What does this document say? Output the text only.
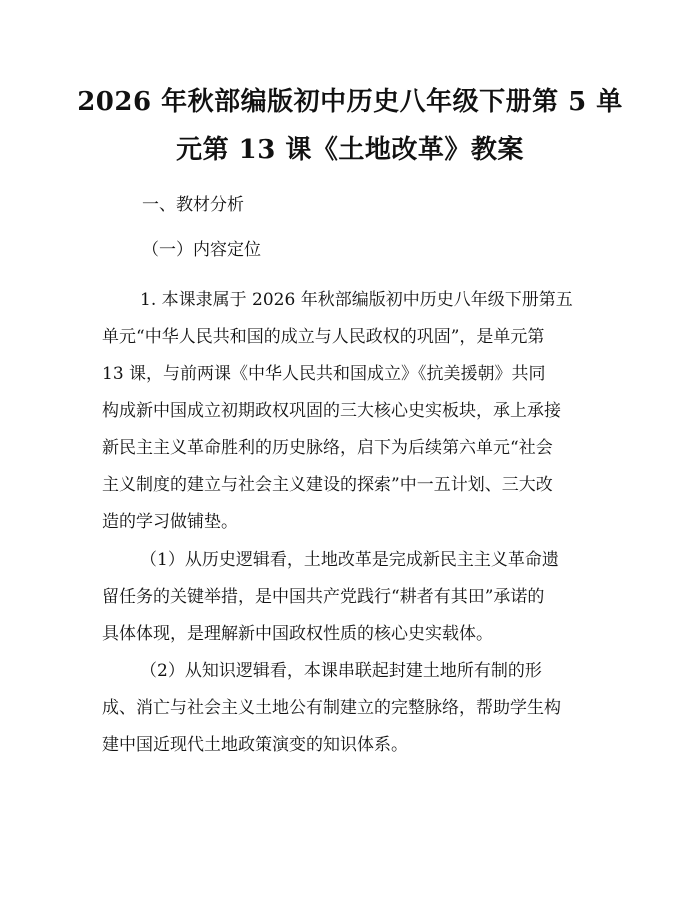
2026 年秋部编版初中历史八年级下册第 5 单
元第 13 课《土地改革》教案
一、教材分析
（一）内容定位
1. 本课隶属于 2026 年秋部编版初中历史八年级下册第五
单元“中华人民共和国的成立与人民政权的巩固”，是单元第
13 课，与前两课《中华人民共和国成立》《抗美援朝》共同
构成新中国成立初期政权巩固的三大核心史实板块，承上承接
新民主主义革命胜利的历史脉络，启下为后续第六单元“社会
主义制度的建立与社会主义建设的探索”中一五计划、三大改
造的学习做铺垫。
（1）从历史逻辑看，土地改革是完成新民主主义革命遗
留任务的关键举措，是中国共产党践行“耕者有其田”承诺的
具体体现，是理解新中国政权性质的核心史实载体。
（2）从知识逻辑看，本课串联起封建土地所有制的形
成、消亡与社会主义土地公有制建立的完整脉络，帮助学生构
建中国近现代土地政策演变的知识体系。
